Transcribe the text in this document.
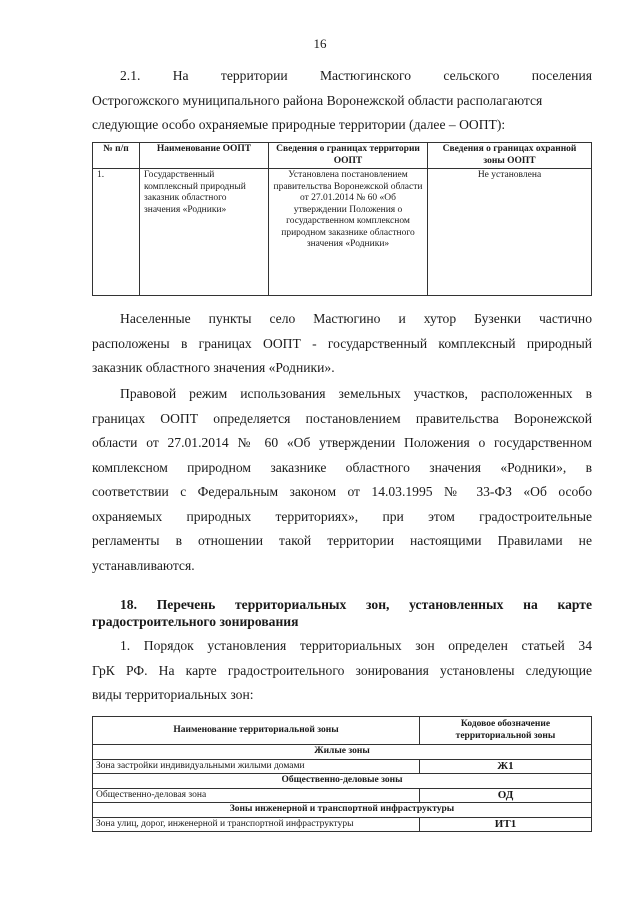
16

2.1. На территории Мастюгинского сельского поселения
Острогожского муниципального района Воронежской области располагаются
следующие особо охраняемые природные территории (далее – ООПТ):

№ п/п	Наименование ООПТ	Сведения о границах территории ООПТ	Сведения о границах охранной зоны ООПТ
1.	Государственный комплексный природный заказник областного значения «Родники»	Установлена постановлением правительства Воронежской области от 27.01.2014 № 60 «Об утверждении Положения о государственном комплексном природном заказнике областного значения «Родники»	Не установлена

Населенные пункты село Мастюгино и хутор Бузенки частично
расположены в границах ООПТ - государственный комплексный природный
заказник областного значения «Родники».

Правовой режим использования земельных участков, расположенных в
границах ООПТ определяется постановлением правительства Воронежской
области от 27.01.2014 № 60 «Об утверждении Положения о государственном
комплексном природном заказнике областного значения «Родники», в
соответствии с Федеральным законом от 14.03.1995 № 33-ФЗ «Об особо
охраняемых природных территориях», при этом градостроительные
регламенты в отношении такой территории настоящими Правилами не
устанавливаются.

18. Перечень территориальных зон, установленных на карте градостроительного зонирования

1. Порядок установления территориальных зон определен статьей 34
ГрК РФ. На карте градостроительного зонирования установлены следующие
виды территориальных зон:

Наименование территориальной зоны	Кодовое обозначение территориальной зоны
Жилые зоны	
Зона застройки индивидуальными жилыми домами	Ж1
Общественно-деловые зоны	
Общественно-деловая зона	ОД
Зоны инженерной и транспортной инфраструктуры	
Зона улиц, дорог, инженерной и транспортной инфраструктуры	ИТ1
